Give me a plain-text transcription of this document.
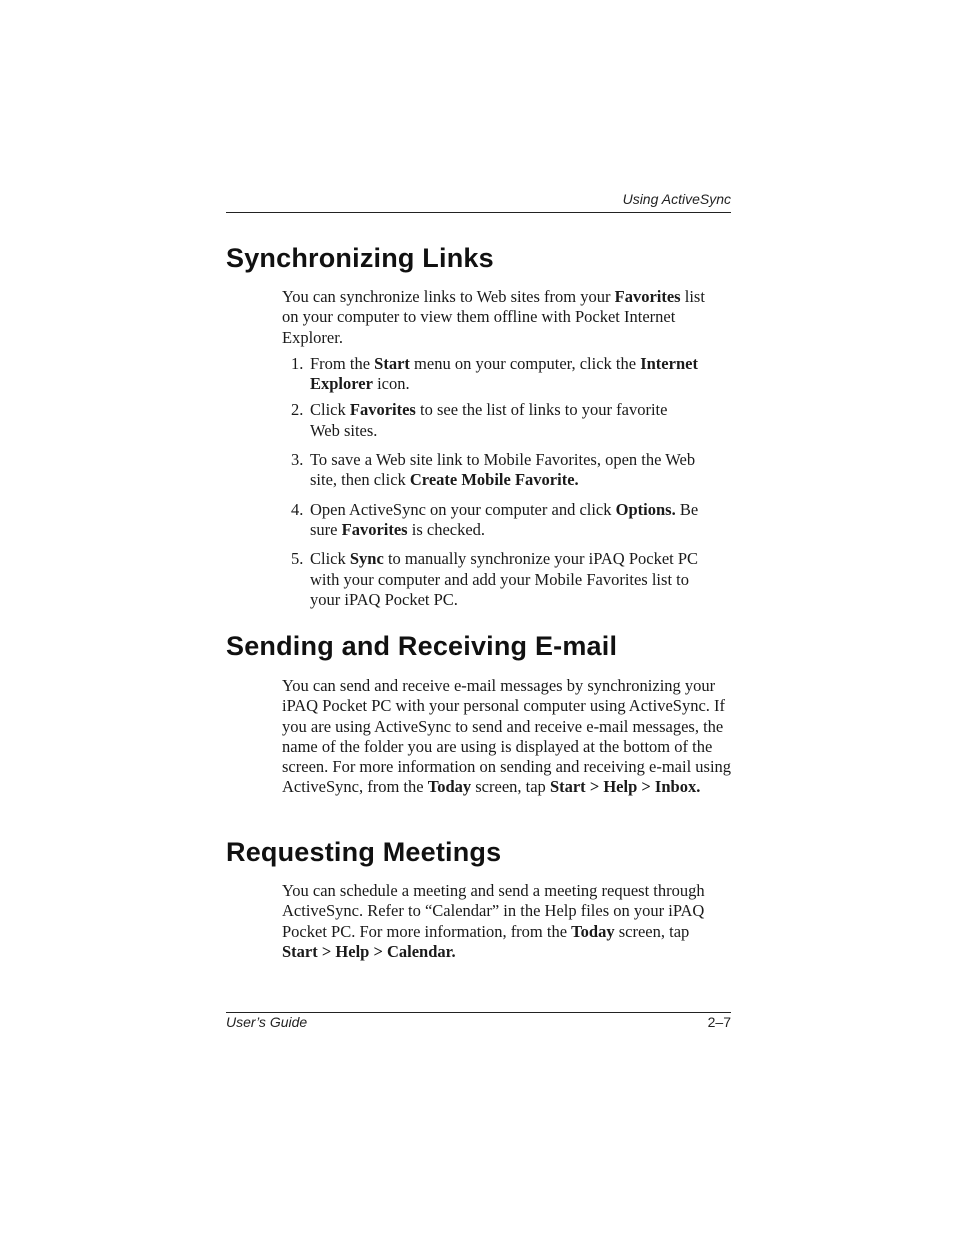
Using ActiveSync
Synchronizing Links

You can synchronize links to Web sites from your Favorites list on your computer to view them offline with Pocket Internet Explorer.

1. From the Start menu on your computer, click the Internet Explorer icon.
2. Click Favorites to see the list of links to your favorite Web sites.
3. To save a Web site link to Mobile Favorites, open the Web site, then click Create Mobile Favorite.
4. Open ActiveSync on your computer and click Options. Be sure Favorites is checked.
5. Click Sync to manually synchronize your iPAQ Pocket PC with your computer and add your Mobile Favorites list to your iPAQ Pocket PC.
Sending and Receiving E-mail

You can send and receive e-mail messages by synchronizing your iPAQ Pocket PC with your personal computer using ActiveSync. If you are using ActiveSync to send and receive e-mail messages, the name of the folder you are using is displayed at the bottom of the screen. For more information on sending and receiving e-mail using ActiveSync, from the Today screen, tap Start > Help > Inbox.

Requesting Meetings

You can schedule a meeting and send a meeting request through ActiveSync. Refer to “Calendar” in the Help files on your iPAQ Pocket PC. For more information, from the Today screen, tap Start > Help > Calendar.

User’s Guide	2–7
